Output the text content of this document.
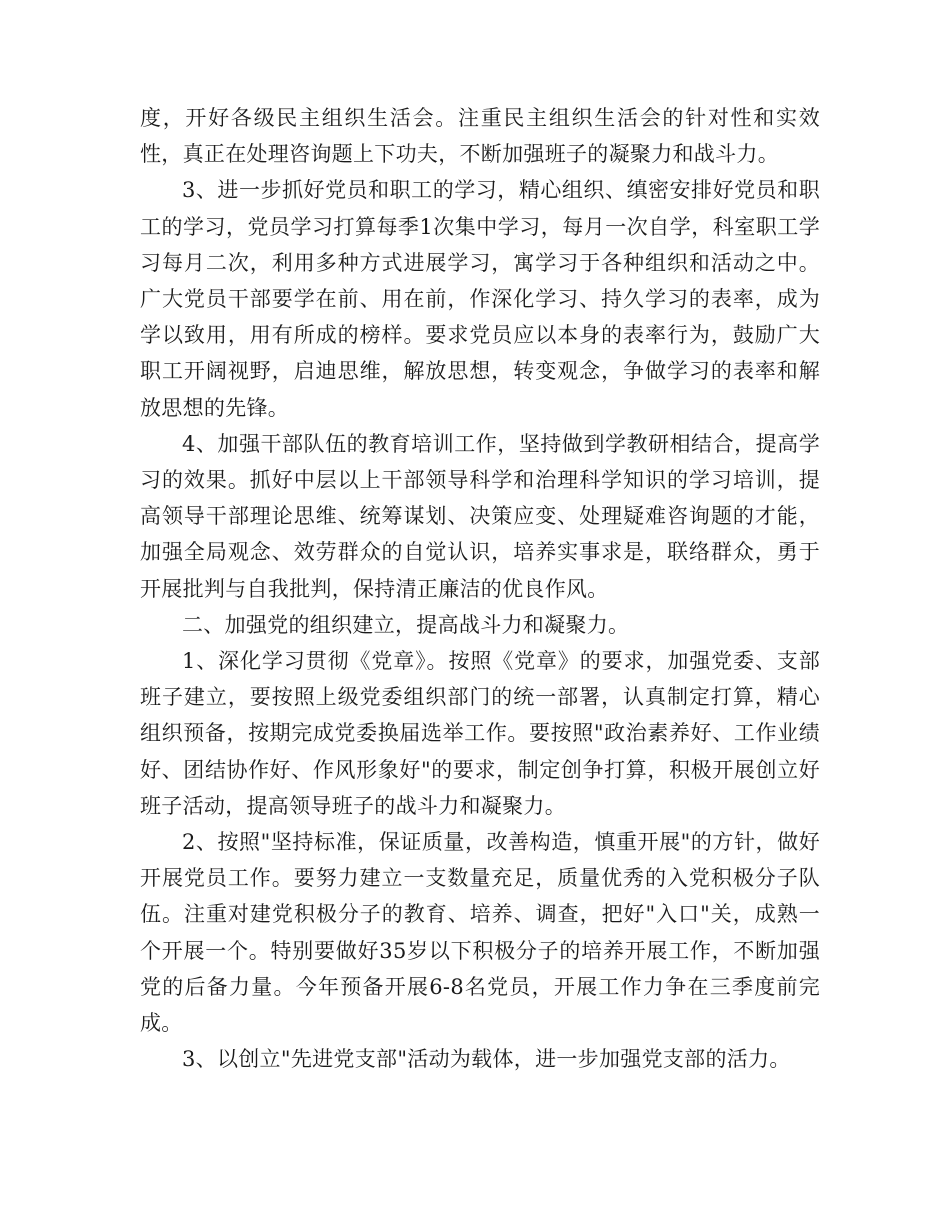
度，开好各级民主组织生活会。注重民主组织生活会的针对性和实效性，真正在处理咨询题上下功夫，不断加强班子的凝聚力和战斗力。

3、进一步抓好党员和职工的学习，精心组织、缜密安排好党员和职工的学习，党员学习打算每季1次集中学习，每月一次自学，科室职工学习每月二次，利用多种方式进展学习，寓学习于各种组织和活动之中。广大党员干部要学在前、用在前，作深化学习、持久学习的表率，成为学以致用，用有所成的榜样。要求党员应以本身的表率行为，鼓励广大职工开阔视野，启迪思维，解放思想，转变观念，争做学习的表率和解放思想的先锋。

4、加强干部队伍的教育培训工作，坚持做到学教研相结合，提高学习的效果。抓好中层以上干部领导科学和治理科学知识的学习培训，提高领导干部理论思维、统筹谋划、决策应变、处理疑难咨询题的才能，加强全局观念、效劳群众的自觉认识，培养实事求是，联络群众，勇于开展批判与自我批判，保持清正廉洁的优良作风。

二、加强党的组织建立，提高战斗力和凝聚力。

1、深化学习贯彻《党章》。按照《党章》的要求，加强党委、支部班子建立，要按照上级党委组织部门的统一部署，认真制定打算，精心组织预备，按期完成党委换届选举工作。要按照"政治素养好、工作业绩好、团结协作好、作风形象好"的要求，制定创争打算，积极开展创立好班子活动，提高领导班子的战斗力和凝聚力。

2、按照"坚持标准，保证质量，改善构造，慎重开展"的方针，做好开展党员工作。要努力建立一支数量充足，质量优秀的入党积极分子队伍。注重对建党积极分子的教育、培养、调查，把好"入口"关，成熟一个开展一个。特别要做好35岁以下积极分子的培养开展工作，不断加强党的后备力量。今年预备开展6-8名党员，开展工作力争在三季度前完成。

3、以创立"先进党支部"活动为载体，进一步加强党支部的活力。
